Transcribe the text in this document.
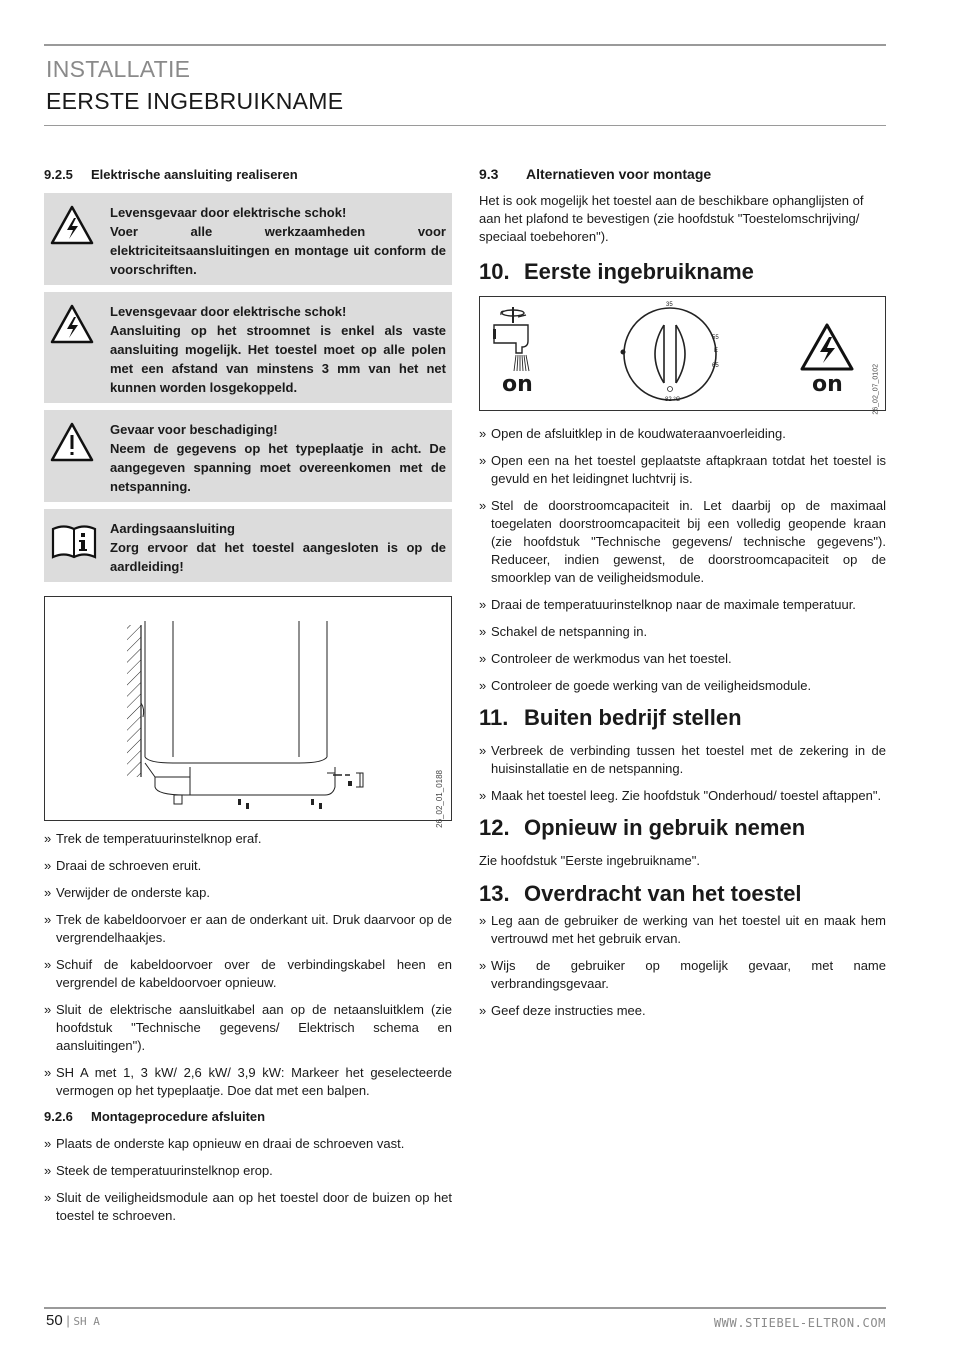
INSTALLATIE
EERSTE INGEBRUIKNAME
9.2.5 Elektrische aansluiting realiseren
Levensgevaar door elektrische schok!
Voer alle werkzaamheden voor elektriciteitsaansluitingen en montage uit conform de voorschriften.
Levensgevaar door elektrische schok!
Aansluiting op het stroomnet is enkel als vaste aansluiting mogelijk. Het toestel moet op alle polen met een afstand van minstens 3 mm van het net kunnen worden losgekoppeld.
Gevaar voor beschadiging!
Neem de gegevens op het typeplaatje in acht. De aangegeven spanning moet overeenkomen met de netspanning.
Aardingsaansluiting
Zorg ervoor dat het toestel aangesloten is op de aardleiding!
26_02_01_0188
» Trek de temperatuurinstelknop eraf.
» Draai de schroeven eruit.
» Verwijder de onderste kap.
» Trek de kabeldoorvoer er aan de onderkant uit. Druk daarvoor op de vergrendelhaakjes.
» Schuif de kabeldoorvoer over de verbindingskabel heen en vergrendel de kabeldoorvoer opnieuw.
» Sluit de elektrische aansluitkabel aan op de netaansluitklem (zie hoofdstuk "Technische gegevens/ Elektrisch schema en aansluitingen").
» SH A met 1, 3 kW/ 2,6 kW/ 3,9 kW: Markeer het geselecteerde vermogen op het typeplaatje. Doe dat met een balpen.
9.2.6 Montageprocedure afsluiten
» Plaats de onderste kap opnieuw en draai de schroeven vast.
» Steek de temperatuurinstelknop erop.
» Sluit de veiligheidsmodule aan op het toestel door de buizen op het toestel te schroeven.
9.3 Alternatieven voor montage
Het is ook mogelijk het toestel aan de beschikbare ophanglijsten of aan het plafond te bevestigen (zie hoofdstuk "Toestelomschrijving/ speciaal toebehoren").
10. Eerste ingebruikname
on	on
35
55
E
65
82 °C	26_02_07_0102
» Open de afsluitklep in de koudwateraanvoerleiding.
» Open een na het toestel geplaatste aftapkraan totdat het toestel is gevuld en het leidingnet luchtvrij is.
» Stel de doorstroomcapaciteit in. Let daarbij op de maximaal toegelaten doorstroomcapaciteit bij een volledig geopende kraan (zie hoofdstuk "Technische gegevens/ technische gegevens"). Reduceer, indien gewenst, de doorstroomcapaciteit op de smoorklep van de veiligheidsmodule.
» Draai de temperatuurinstelknop naar de maximale temperatuur.
» Schakel de netspanning in.
» Controleer de werkmodus van het toestel.
» Controleer de goede werking van de veiligheidsmodule.
11. Buiten bedrijf stellen
» Verbreek de verbinding tussen het toestel met de zekering in de huisinstallatie en de netspanning.
» Maak het toestel leeg. Zie hoofdstuk "Onderhoud/ toestel aftappen".
12. Opnieuw in gebruik nemen
Zie hoofdstuk "Eerste ingebruikname".
13. Overdracht van het toestel
» Leg aan de gebruiker de werking van het toestel uit en maak hem vertrouwd met het gebruik ervan.
» Wijs de gebruiker op mogelijk gevaar, met name verbrandingsgevaar.
» Geef deze instructies mee.
50 | SH A	WWW.STIEBEL-ELTRON.COM
